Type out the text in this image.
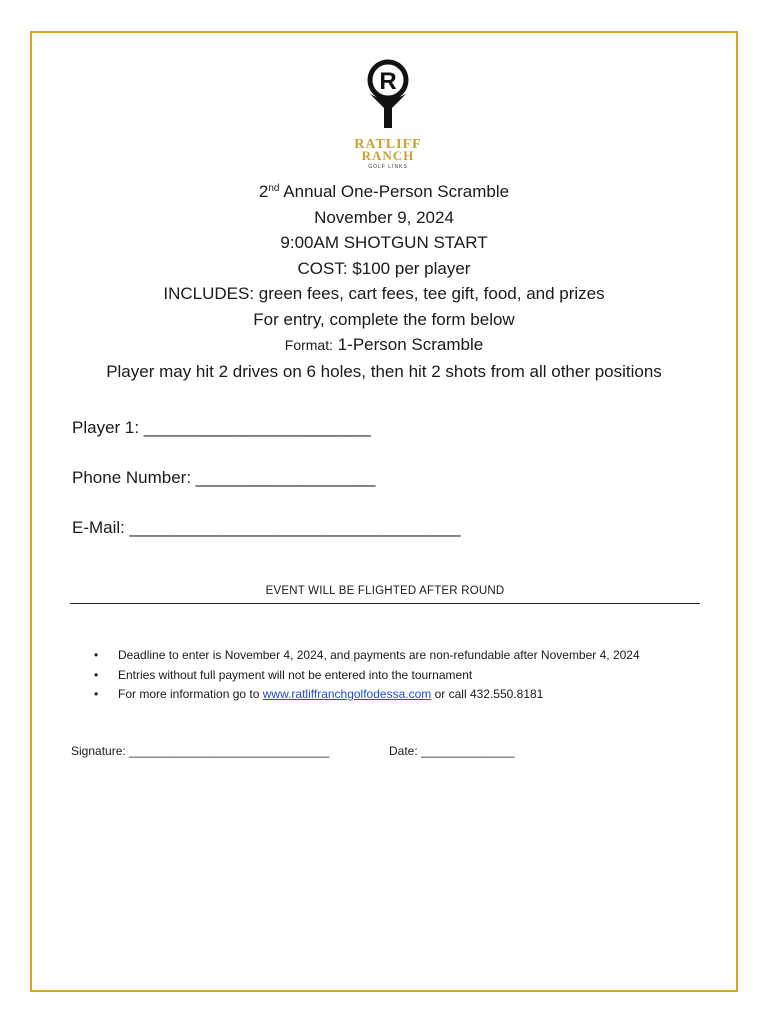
R
RATLIFF
RANCH
GOLF LINKS
2nd Annual One-Person Scramble
November 9, 2024
9:00AM SHOTGUN START
COST: $100 per player
INCLUDES: green fees, cart fees, tee gift, food, and prizes
For entry, complete the form below
Format: 1-Person Scramble
Player may hit 2 drives on 6 holes, then hit 2 shots from all other positions
Player 1: ________________________
Phone Number: ___________________
E-Mail: ___________________________________
EVENT WILL BE FLIGHTED AFTER ROUND
• Deadline to enter is November 4, 2024, and payments are non-refundable after November 4, 2024
• Entries without full payment will not be entered into the tournament
• For more information go to www.ratliffranchgolfodessa.com or call 432.550.8181
Signature: ______________________________	Date: ______________
